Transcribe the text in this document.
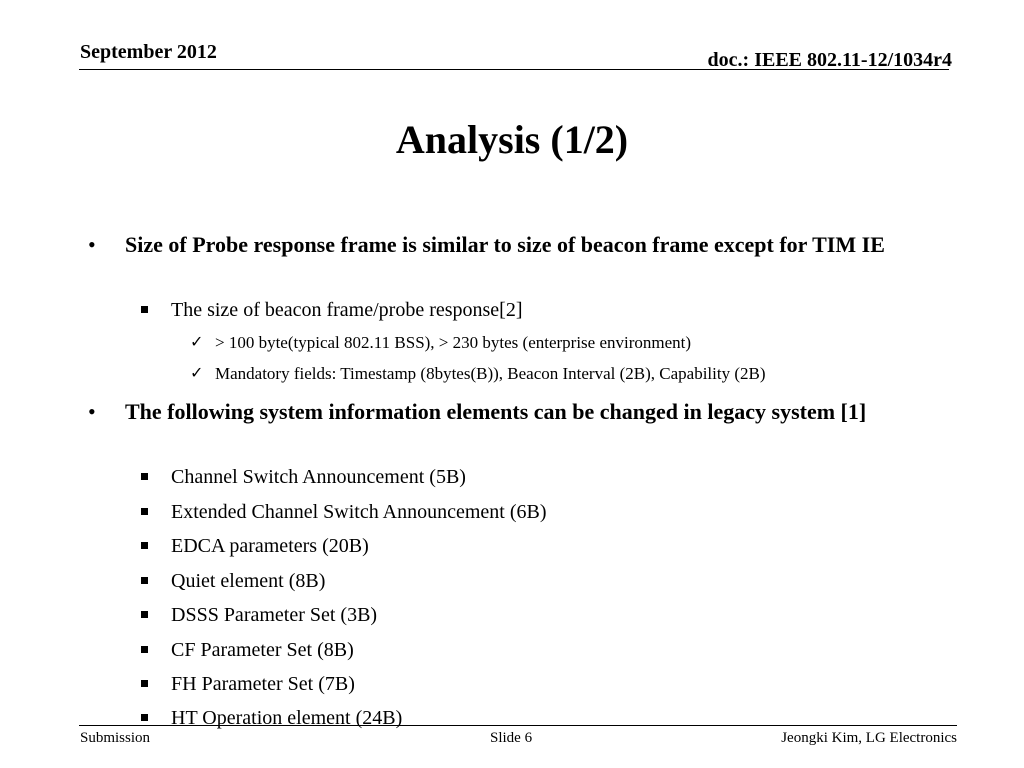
September 2012	doc.: IEEE 802.11-12/1034r4
Analysis (1/2)
• Size of Probe response frame is similar to size of beacon frame except for TIM IE
The size of beacon frame/probe response[2]
✓ > 100 byte(typical 802.11 BSS), > 230 bytes (enterprise environment)
✓ Mandatory fields: Timestamp (8bytes(B)), Beacon Interval (2B), Capability (2B)
• The following system information elements can be changed in legacy system [1]
Channel Switch Announcement (5B)
Extended Channel Switch Announcement (6B)
EDCA parameters (20B)
Quiet element (8B)
DSSS Parameter Set (3B)
CF Parameter Set (8B)
FH Parameter Set (7B)
HT Operation element (24B)
Submission	Slide 6	Jeongki Kim, LG Electronics
